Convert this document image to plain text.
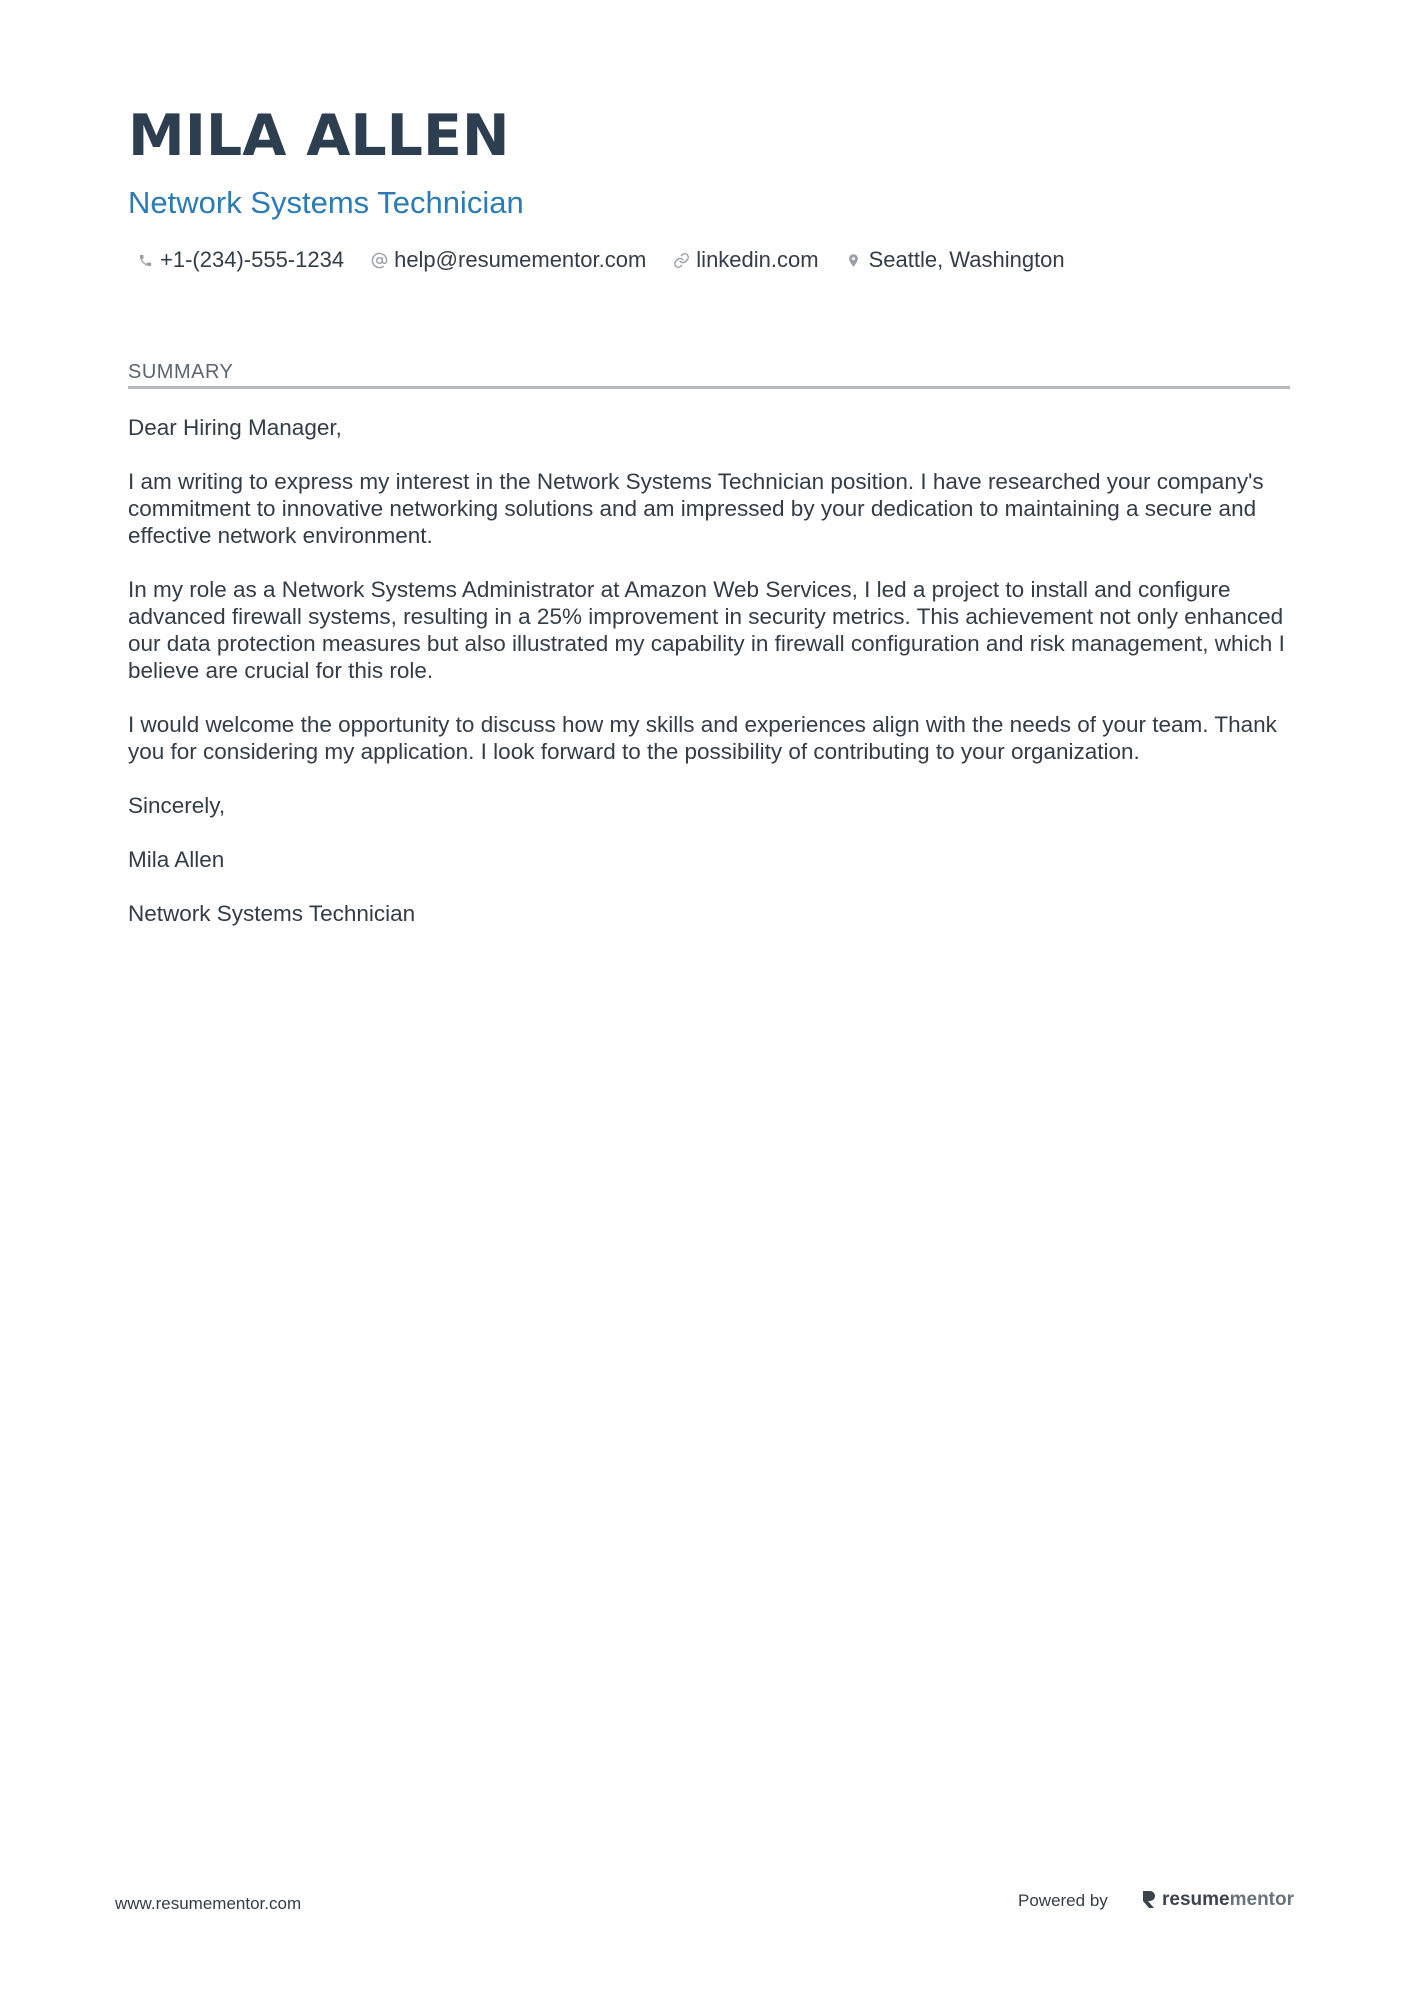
MILA ALLEN
Network Systems Technician
+1-(234)-555-1234 help@resumementor.com linkedin.com Seattle, Washington
SUMMARY

Dear Hiring Manager,

I am writing to express my interest in the Network Systems Technician position. I have researched your company's commitment to innovative networking solutions and am impressed by your dedication to maintaining a secure and effective network environment.

In my role as a Network Systems Administrator at Amazon Web Services, I led a project to install and configure advanced firewall systems, resulting in a 25% improvement in security metrics. This achievement not only enhanced our data protection measures but also illustrated my capability in firewall configuration and risk management, which I believe are crucial for this role.

I would welcome the opportunity to discuss how my skills and experiences align with the needs of your team. Thank you for considering my application. I look forward to the possibility of contributing to your organization.

Sincerely,

Mila Allen

Network Systems Technician

www.resumementor.com	Powered by	resume mentor
